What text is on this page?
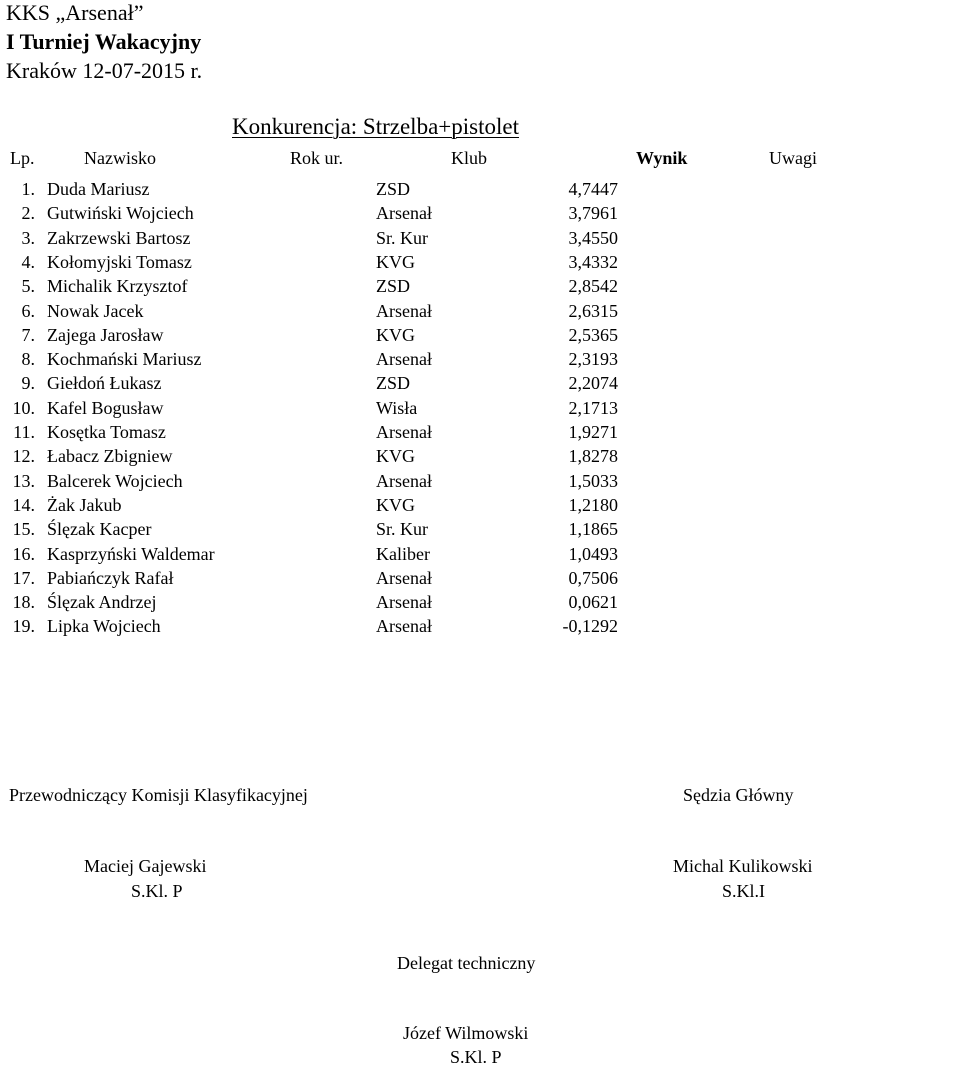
KKS „Arsenał”
I Turniej Wakacyjny
Kraków 12-07-2015 r.
Konkurencja: Strzelba+pistolet
Lp.	Nazwisko	Rok ur.	Klub	Wynik	Uwagi
1. Duda Mariusz	ZSD	4,7447
2. Gutwiński Wojciech	Arsenał	3,7961
3. Zakrzewski Bartosz	Sr. Kur	3,4550
4. Kołomyjski Tomasz	KVG	3,4332
5. Michalik Krzysztof	ZSD	2,8542
6. Nowak Jacek	Arsenał	2,6315
7. Zajega Jarosław	KVG	2,5365
8. Kochmański Mariusz	Arsenał	2,3193
9. Giełdoń Łukasz	ZSD	2,2074
10. Kafel Bogusław	Wisła	2,1713
11. Kosętka Tomasz	Arsenał	1,9271
12. Łabacz Zbigniew	KVG	1,8278
13. Balcerek Wojciech	Arsenał	1,5033
14. Żak Jakub	KVG	1,2180
15. Ślęzak Kacper	Sr. Kur	1,1865
16. Kasprzyński Waldemar	Kaliber	1,0493
17. Pabiańczyk Rafał	Arsenał	0,7506
18. Ślęzak Andrzej	Arsenał	0,0621
19. Lipka Wojciech	Arsenał	-0,1292
Przewodniczący Komisji Klasyfikacyjnej
Maciej Gajewski
S.Kl. P
Sędzia Główny
Michal Kulikowski
S.Kl.I
Delegat techniczny
Józef Wilmowski
S.Kl. P
